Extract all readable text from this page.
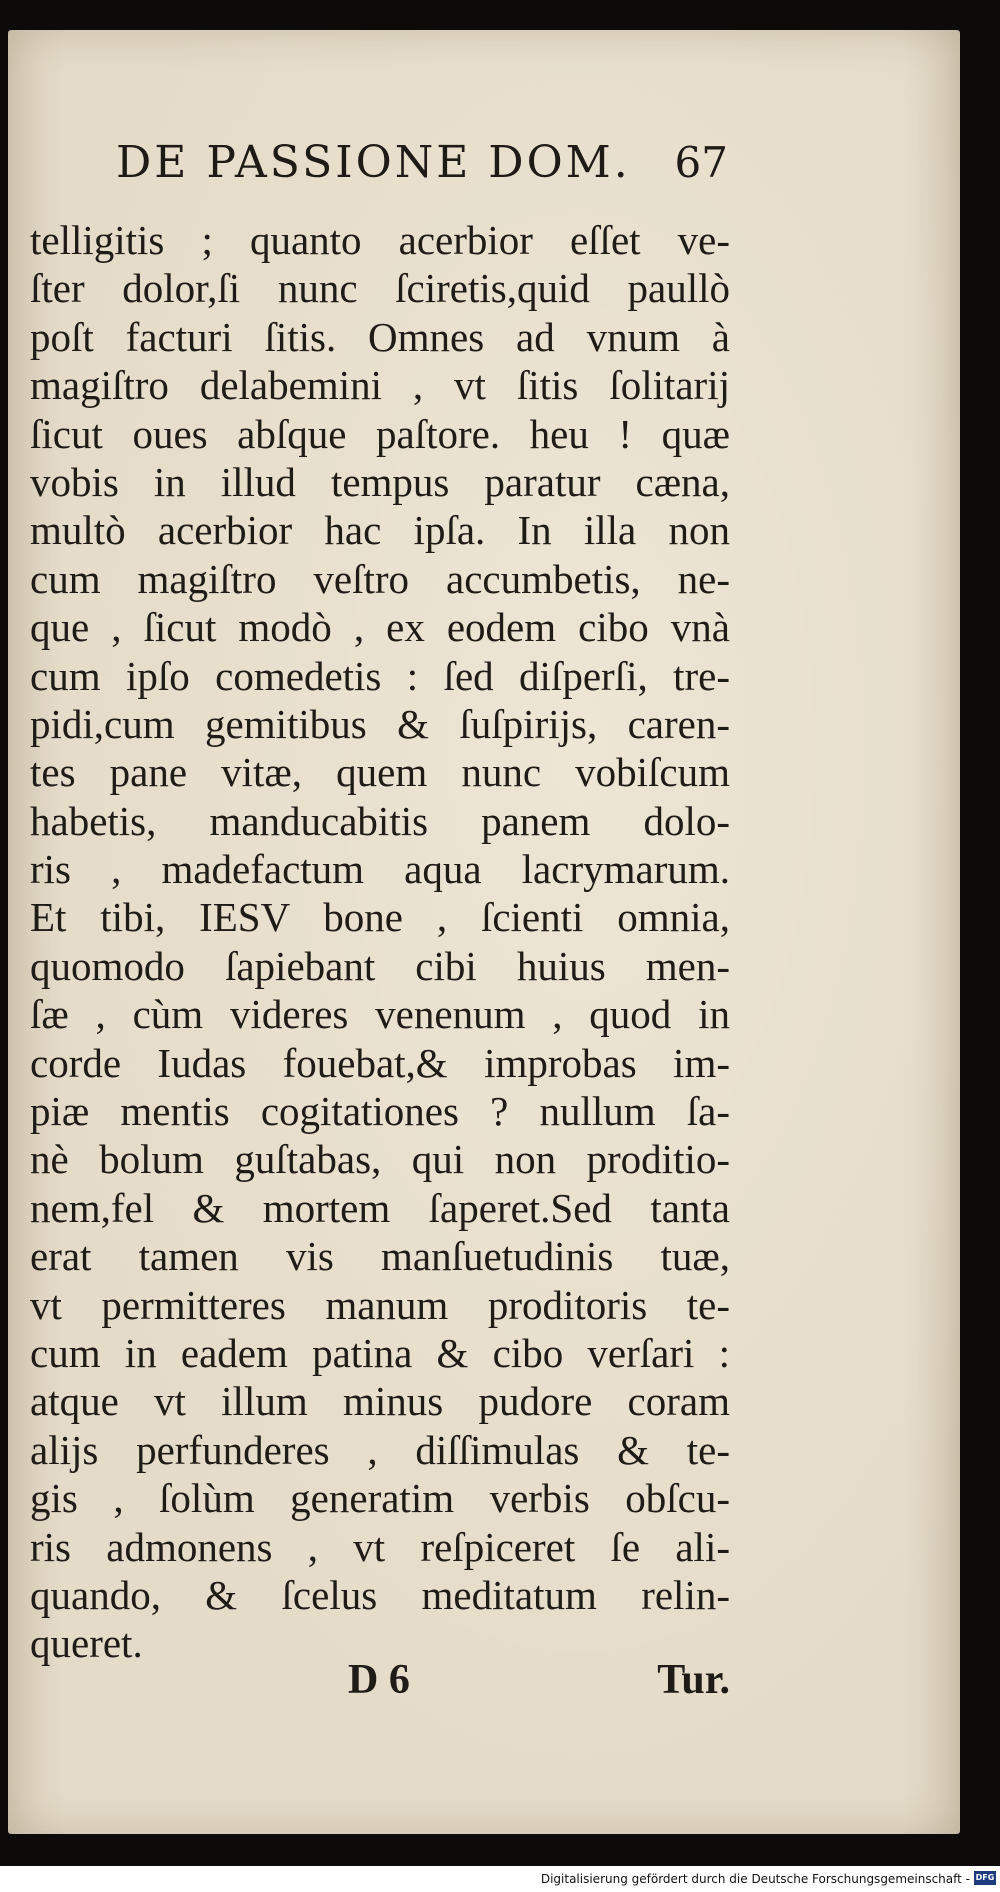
DE PASSIONE DOM.	67
telligitis ; quanto acerbior eſſet ve-
ſter dolor,ſi nunc ſciretis,quid paullò
poſt facturi ſitis. Omnes ad vnum à
magiſtro delabemini , vt ſitis ſolitarij
ſicut oues abſque paſtore. heu ! quæ
vobis in illud tempus paratur cæna,
multò acerbior hac ipſa. In illa non
cum magiſtro veſtro accumbetis, ne-
que , ſicut modò , ex eodem cibo vnà
cum ipſo comedetis : ſed diſperſi, tre-
pidi,cum gemitibus & ſuſpirijs, caren-
tes pane vitæ, quem nunc vobiſcum
habetis, manducabitis panem dolo-
ris , madefactum aqua lacrymarum.
Et tibi, IESV bone , ſcienti omnia,
quomodo ſapiebant cibi huius men-
ſæ , cùm videres venenum , quod in
corde Iudas fouebat,& improbas im-
piæ mentis cogitationes ? nullum ſa-
nè bolum guſtabas, qui non proditio-
nem,fel & mortem ſaperet.Sed tanta
erat tamen vis manſuetudinis tuæ,
vt permitteres manum proditoris te-
cum in eadem patina & cibo verſari :
atque vt illum minus pudore coram
alijs perfunderes , diſſimulas & te-
gis , ſolùm generatim verbis obſcu-
ris admonens , vt reſpiceret ſe ali-
quando, & ſcelus meditatum relin-
queret.
D 6	Tur.
Digitalisierung gefördert durch die Deutsche Forschungsgemeinschaft - DFG
